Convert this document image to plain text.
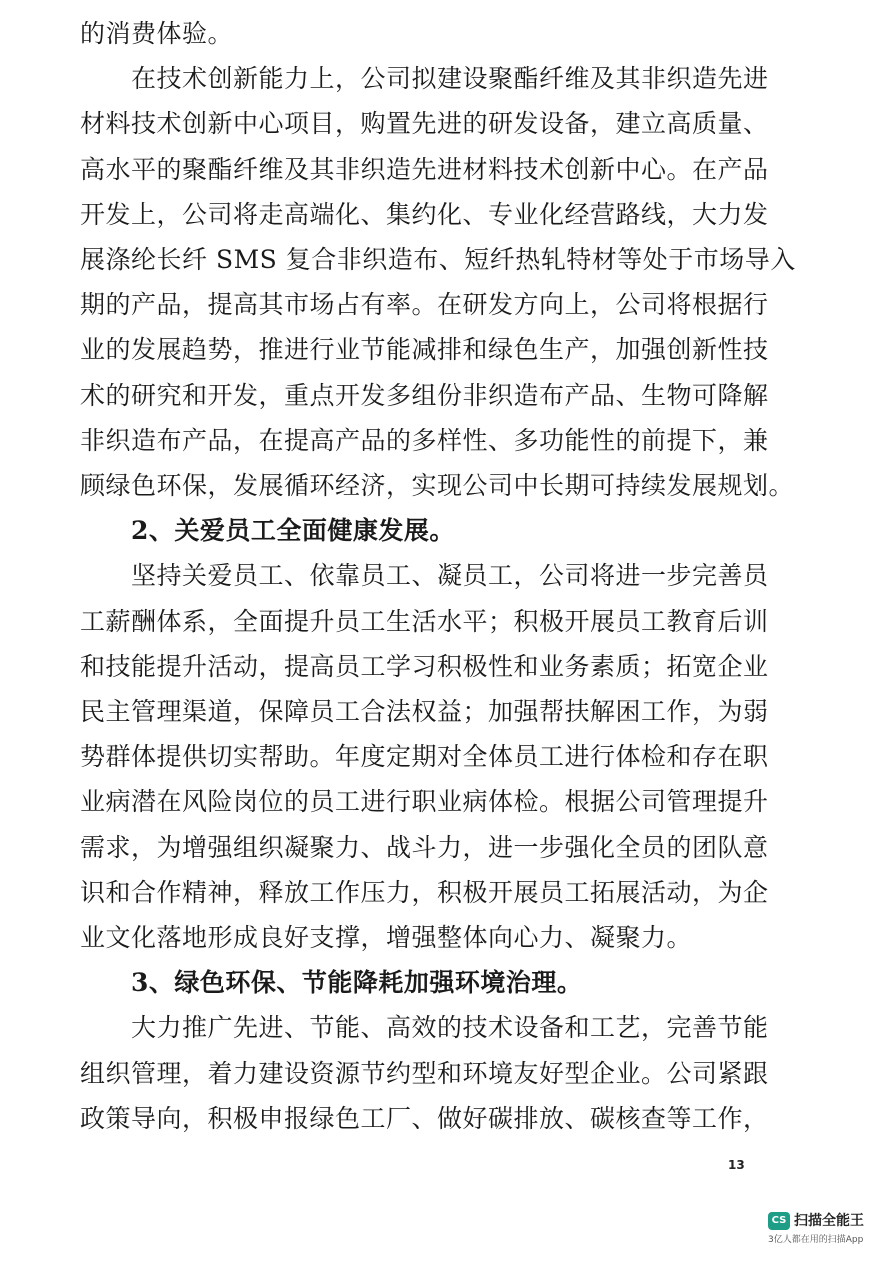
的消费体验。
　　在技术创新能力上，公司拟建设聚酯纤维及其非织造先进
材料技术创新中心项目，购置先进的研发设备，建立高质量、
高水平的聚酯纤维及其非织造先进材料技术创新中心。在产品
开发上，公司将走高端化、集约化、专业化经营路线，大力发
展涤纶长纤 SMS 复合非织造布、短纤热轧特材等处于市场导入
期的产品，提高其市场占有率。在研发方向上，公司将根据行
业的发展趋势，推进行业节能减排和绿色生产，加强创新性技
术的研究和开发，重点开发多组份非织造布产品、生物可降解
非织造布产品，在提高产品的多样性、多功能性的前提下，兼
顾绿色环保，发展循环经济，实现公司中长期可持续发展规划。
　　2、关爱员工全面健康发展。
　　坚持关爱员工、依靠员工、凝员工，公司将进一步完善员
工薪酬体系，全面提升员工生活水平；积极开展员工教育后训
和技能提升活动，提高员工学习积极性和业务素质；拓宽企业
民主管理渠道，保障员工合法权益；加强帮扶解困工作，为弱
势群体提供切实帮助。年度定期对全体员工进行体检和存在职
业病潜在风险岗位的员工进行职业病体检。根据公司管理提升
需求，为增强组织凝聚力、战斗力，进一步强化全员的团队意
识和合作精神，释放工作压力，积极开展员工拓展活动，为企
业文化落地形成良好支撑，增强整体向心力、凝聚力。
　　3、绿色环保、节能降耗加强环境治理。
　　大力推广先进、节能、高效的技术设备和工艺，完善节能
组织管理，着力建设资源节约型和环境友好型企业。公司紧跟
政策导向，积极申报绿色工厂、做好碳排放、碳核查等工作，
13
CS 扫描全能王
3亿人都在用的扫描App
